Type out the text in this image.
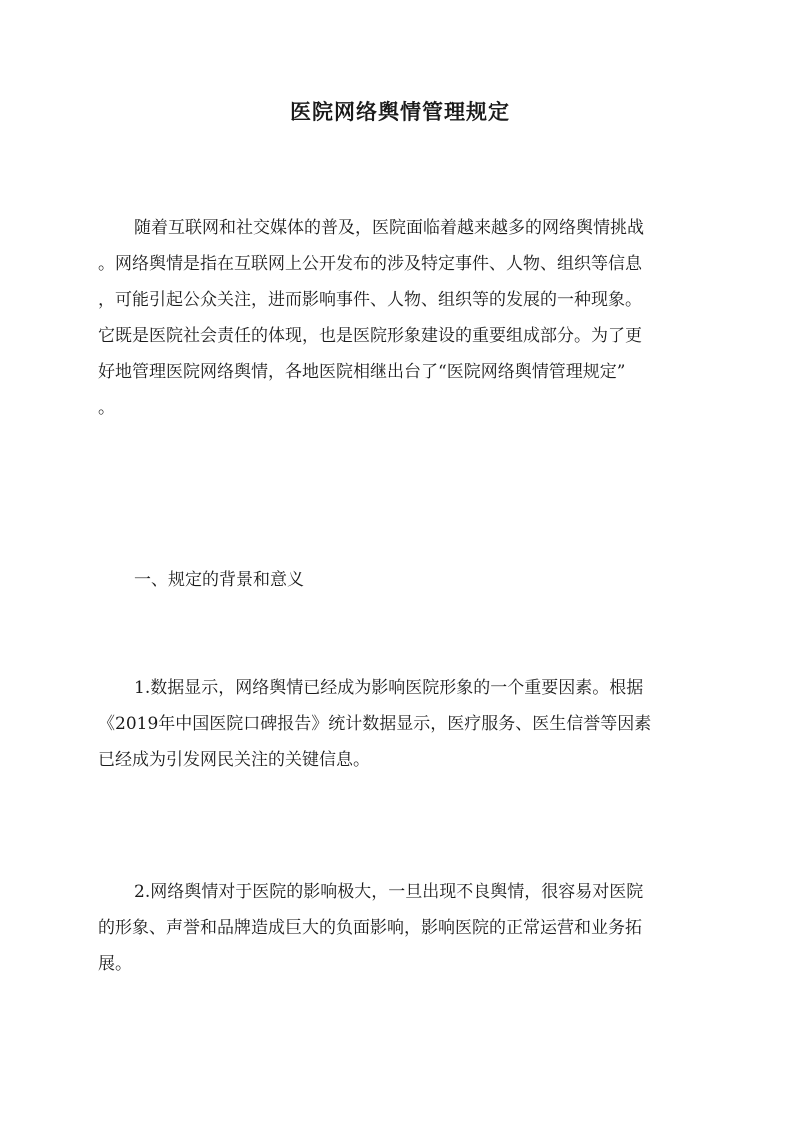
医院网络舆情管理规定
随着互联网和社交媒体的普及，医院面临着越来越多的网络舆情挑战
。网络舆情是指在互联网上公开发布的涉及特定事件、人物、组织等信息
，可能引起公众关注，进而影响事件、人物、组织等的发展的一种现象。
它既是医院社会责任的体现，也是医院形象建设的重要组成部分。为了更
好地管理医院网络舆情，各地医院相继出台了“医院网络舆情管理规定”
。
一、规定的背景和意义
1.数据显示，网络舆情已经成为影响医院形象的一个重要因素。根据
《2019年中国医院口碑报告》统计数据显示，医疗服务、医生信誉等因素
已经成为引发网民关注的关键信息。
2.网络舆情对于医院的影响极大，一旦出现不良舆情，很容易对医院
的形象、声誉和品牌造成巨大的负面影响，影响医院的正常运营和业务拓
展。
